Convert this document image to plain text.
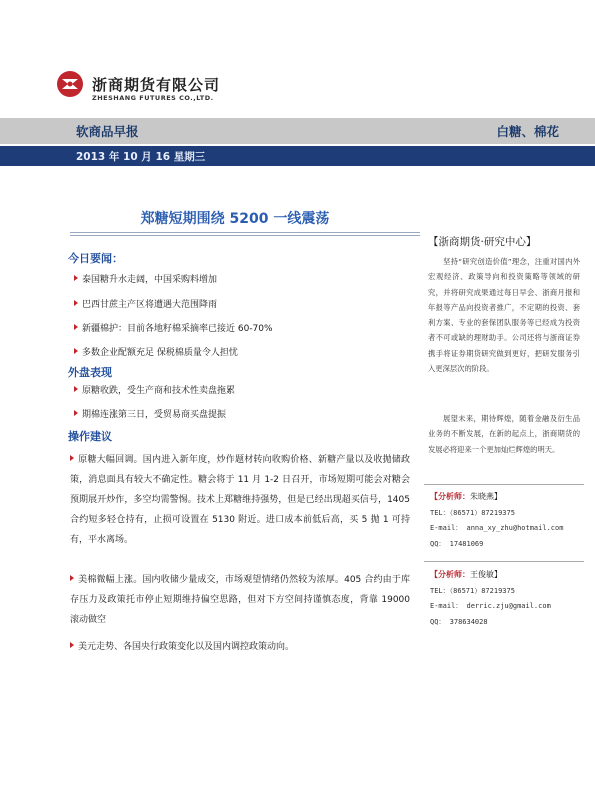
浙商期货有限公司
ZHESHANG FUTURES CO.,LTD.
软商品早报	白糖、棉花
2013 年 10 月 16 星期三
郑糖短期围绕 5200 一线震荡
今日要闻：
泰国糖升水走阔，中国采购料增加
巴西甘蔗主产区将遭遇大范围降雨
新疆棉护：目前各地籽棉采摘率已接近 60-70%
多数企业配额充足 保税棉质量令人担忧
外盘表现
原糖收跌，受生产商和技术性卖盘拖累
期棉连涨第三日，受贸易商买盘提振
操作建议
原糖大幅回调。国内进入新年度，炒作题材转向收购价格、新糖产量以及收抛储政策，消息面具有较大不确定性。糖会将于 11 月 1-2 日召开，市场短期可能会对糖会预期展开炒作，多空均需警惕。技术上郑糖维持强势，但是已经出现超买信号，1405 合约短多轻仓持有，止损可设置在 5130 附近。进口成本前低后高，买 5 抛 1 可持有，平水离场。
美棉微幅上涨。国内收储少量成交，市场观望情绪仍然较为浓厚。405 合约由于库存压力及政策托市停止短期维持偏空思路，但对下方空间持谨慎态度，背靠 19000 滚动做空
美元走势、各国央行政策变化以及国内调控政策动向。
【浙商期货·研究中心】
坚持“研究创造价值”理念，注重对国内外宏观经济、政策导向和投资策略等领域的研究，并将研究成果通过每日早会、浙商月报和年报等产品向投资者推广，不定期的投资、套利方案、专业的套保团队服务等已经成为投资者不可或缺的理财助手。公司还将与浙商证券携手将证券期货研究做到更好，把研发服务引入更深层次的阶段。
展望未来，期待辉煌，随着金融及衍生品业务的不断发展，在新的起点上，浙商期货的发展必将迎来一个更加灿烂辉煌的明天。
【分析师：朱晓燕】
TEL：（86571）87219375
E-mail： anna_xy_zhu@hotmail.com
QQ： 17481069
【分析师：王俊敏】
TEL：（86571）87219375
E-mail： derric.zju@gmail.com
QQ： 378634028
